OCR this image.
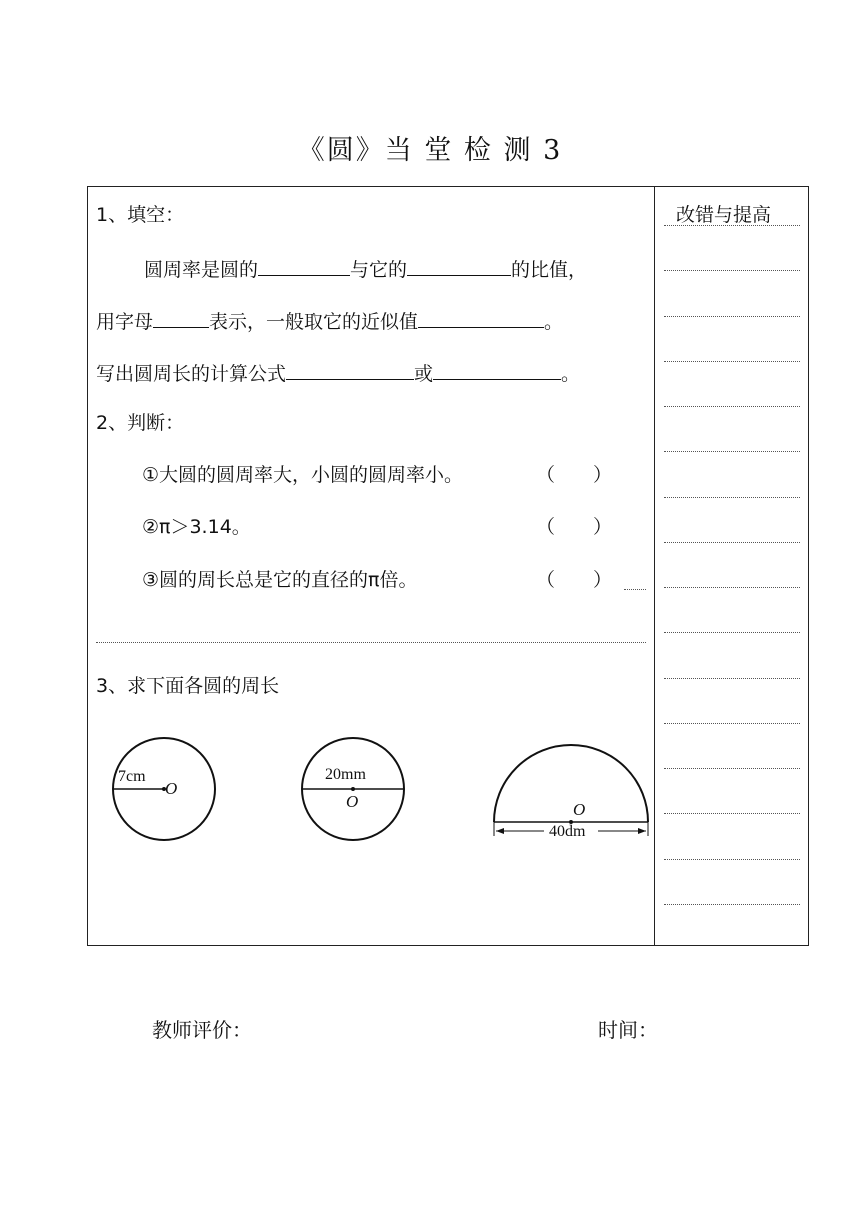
《圆》当 堂 检 测 3
改错与提高
1、填空：
圆周率是圆的	与它的	的比值，
用字母	表示，一般取它的近似值	。
写出圆周长的计算公式	或	。
2、判断：
①大圆的圆周率大，小圆的圆周率小。	（　　）
②π＞3.14。	（　　）
③圆的周长总是它的直径的π倍。	（　　）
3、求下面各圆的周长
7cm
O
20mm
O	O
40dm
教师评价：	时间：
